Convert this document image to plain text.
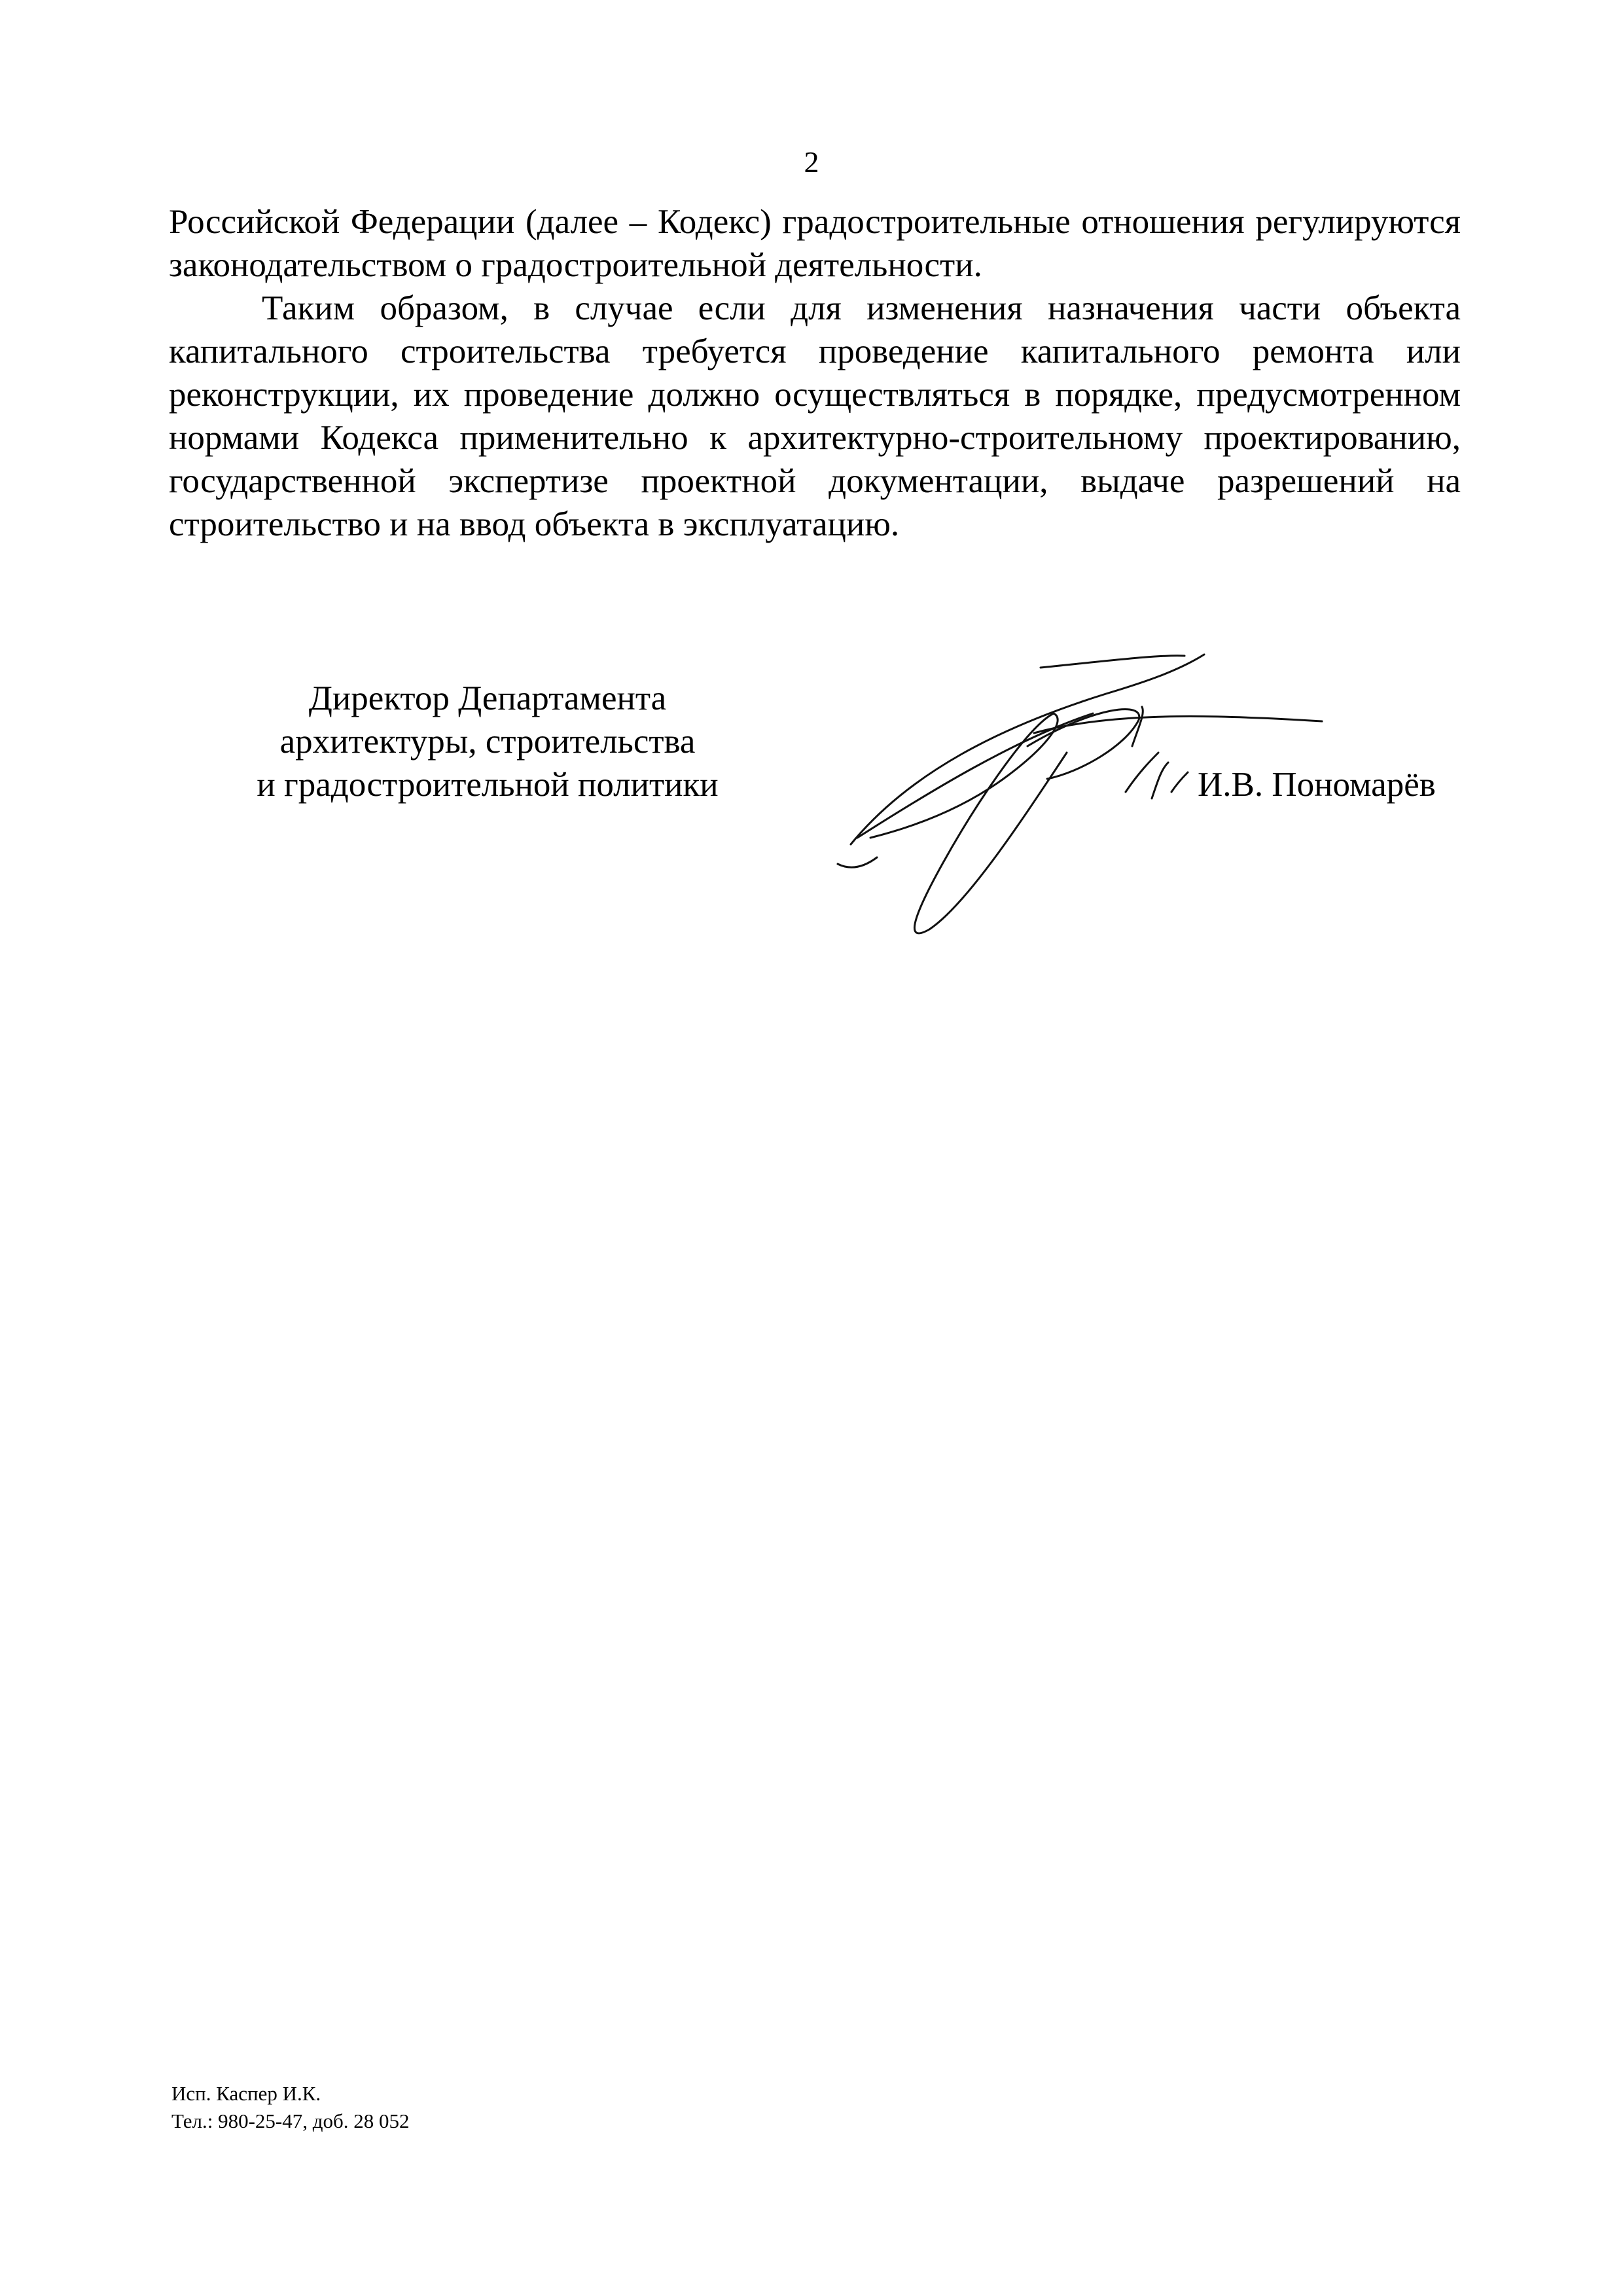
2

Российской Федерации (далее – Кодекс) градостроительные отношения регулируются законодательством о градостроительной деятельности.

Таким образом, в случае если для изменения назначения части объекта капитального строительства требуется проведение капитального ремонта или реконструкции, их проведение должно осуществляться в порядке, предусмотренном нормами Кодекса применительно к архитектурно-строительному проектированию, государственной экспертизе проектной документации, выдаче разрешений на строительство и на ввод объекта в эксплуатацию.

Директор Департамента
архитектуры, строительства
и градостроительной политики	И.В. Пономарёв
Исп. Каспер И.К.
Тел.: 980-25-47, доб. 28 052
